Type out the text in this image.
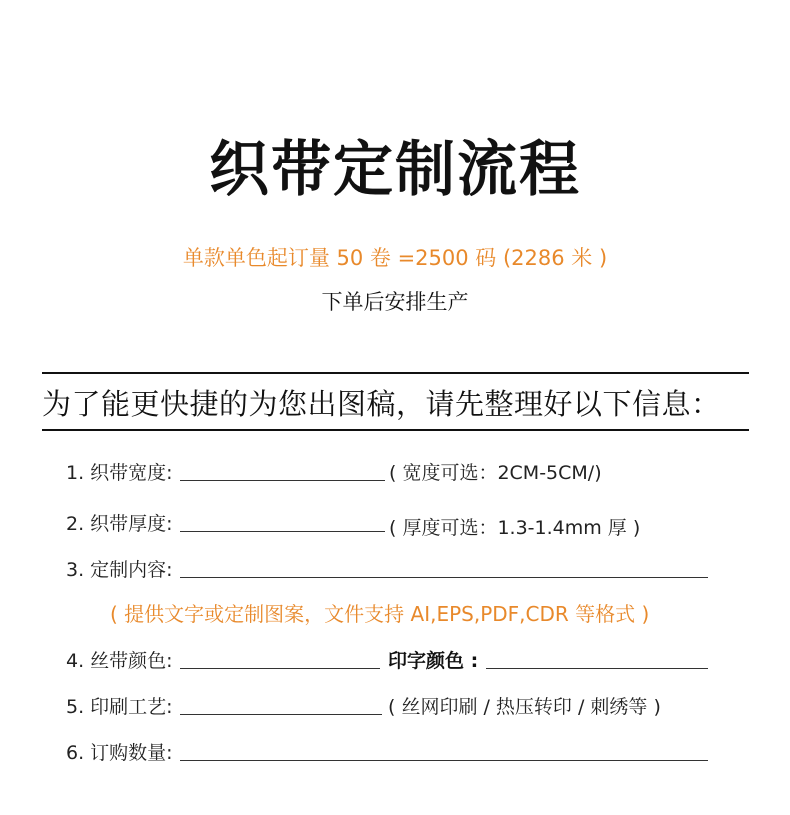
织带定制流程
单款单色起订量 50 卷 =2500 码 (2286 米 )
下单后安排生产
为了能更快捷的为您出图稿，请先整理好以下信息：
1. 织带宽度:	( 宽度可选：2CM-5CM/)
2. 织带厚度:	( 厚度可选：1.3-1.4mm 厚 )
3. 定制内容:
( 提供文字或定制图案，文件支持 AI,EPS,PDF,CDR 等格式 )
4. 丝带颜色:	印字颜色 :
5. 印刷工艺:	( 丝网印刷 / 热压转印 / 刺绣等 )
6. 订购数量:
